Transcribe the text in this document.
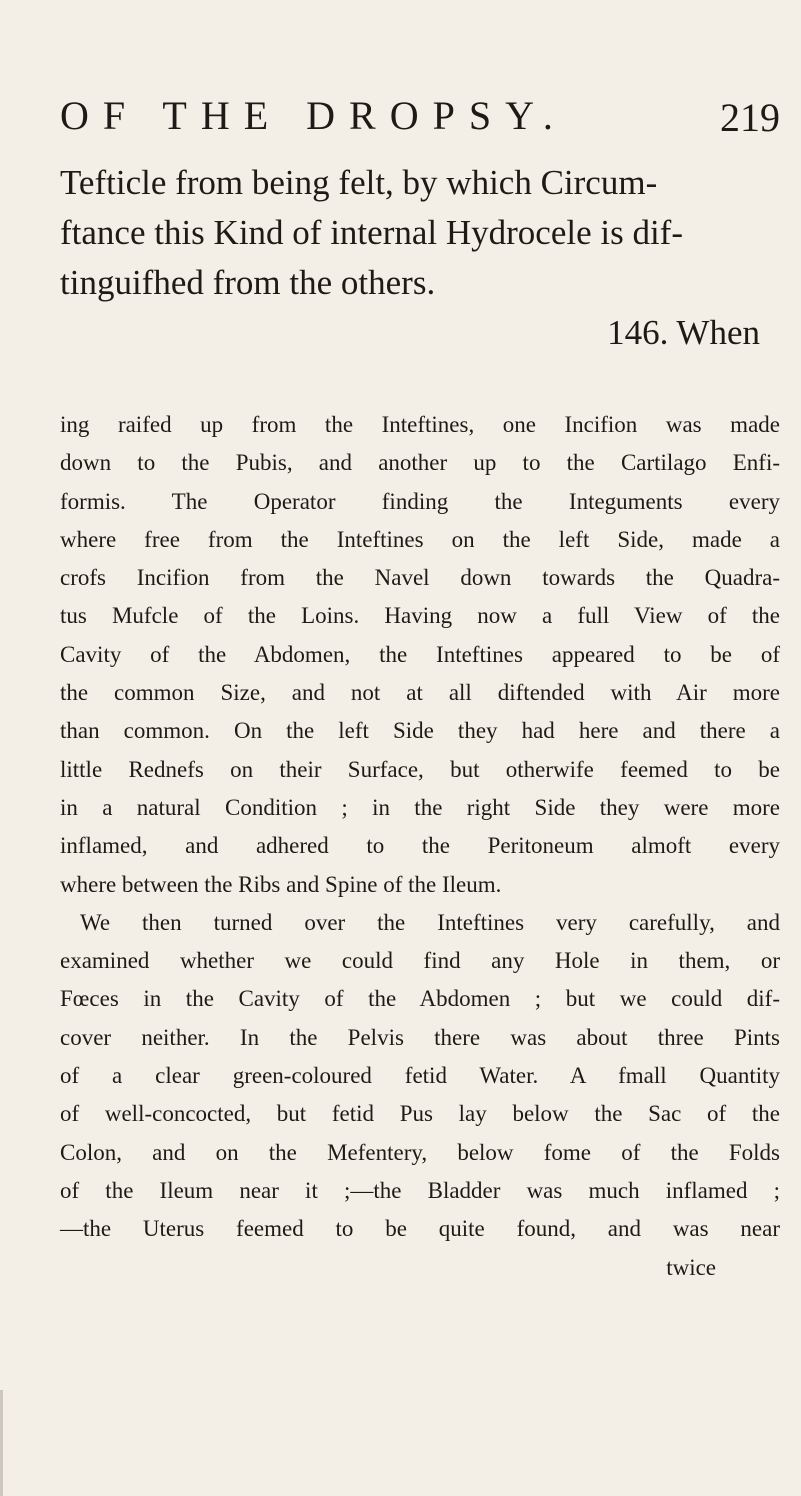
OF THE DROPSY.	219
Tefticle from being felt, by which Circum-
ftance this Kind of internal Hydrocele is dif-
tinguifhed from the others.
146. When
ing raifed up from the Inteftines, one Incifion was made
down to the Pubis, and another up to the Cartilago Enfi-
formis. The Operator finding the Integuments every
where free from the Inteftines on the left Side, made a
crofs Incifion from the Navel down towards the Quadra-
tus Mufcle of the Loins. Having now a full View of the
Cavity of the Abdomen, the Inteftines appeared to be of
the common Size, and not at all diftended with Air more
than common. On the left Side they had here and there a
little Rednefs on their Surface, but otherwife feemed to be
in a natural Condition ; in the right Side they were more
inflamed, and adhered to the Peritoneum almoft every
where between the Ribs and Spine of the Ileum.
We then turned over the Inteftines very carefully, and
examined whether we could find any Hole in them, or
Fœces in the Cavity of the Abdomen ; but we could dif-
cover neither. In the Pelvis there was about three Pints
of a clear green-coloured fetid Water. A fmall Quantity
of well-concocted, but fetid Pus lay below the Sac of the
Colon, and on the Mefentery, below fome of the Folds
of the Ileum near it ;—the Bladder was much inflamed ;
—the Uterus feemed to be quite found, and was near
twice
